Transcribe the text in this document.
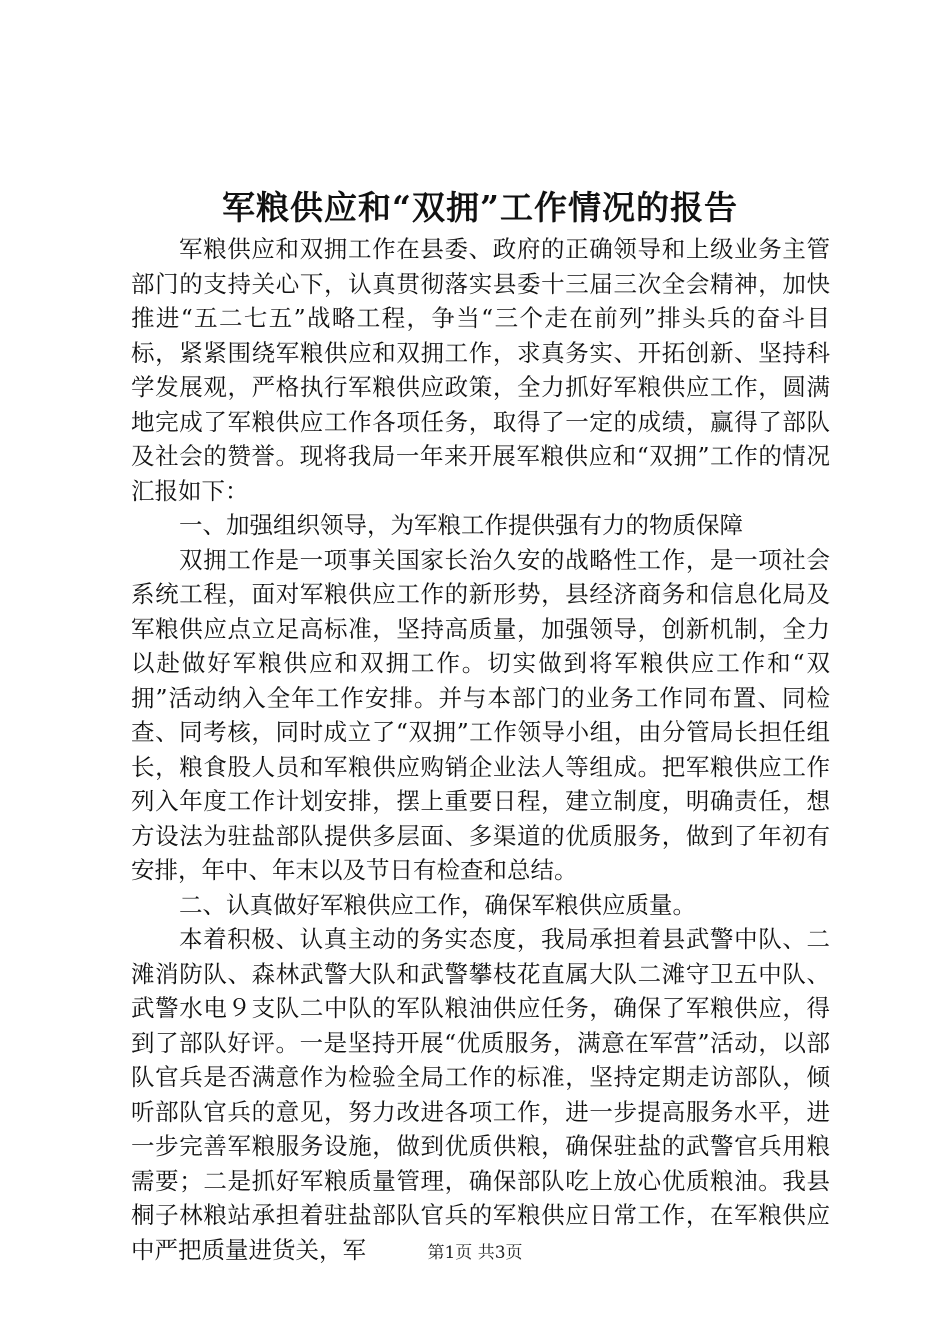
军粮供应和“双拥”工作情况的报告

军粮供应和双拥工作在县委、政府的正确领导和上级业务主管部门的支持关心下，认真贯彻落实县委十三届三次全会精神，加快推进“五二七五”战略工程，争当“三个走在前列”排头兵的奋斗目标，紧紧围绕军粮供应和双拥工作，求真务实、开拓创新、坚持科学发展观，严格执行军粮供应政策，全力抓好军粮供应工作，圆满地完成了军粮供应工作各项任务，取得了一定的成绩，赢得了部队及社会的赞誉。现将我局一年来开展军粮供应和“双拥”工作的情况汇报如下：

一、加强组织领导，为军粮工作提供强有力的物质保障

双拥工作是一项事关国家长治久安的战略性工作，是一项社会系统工程，面对军粮供应工作的新形势，县经济商务和信息化局及军粮供应点立足高标准，坚持高质量，加强领导，创新机制，全力以赴做好军粮供应和双拥工作。切实做到将军粮供应工作和“双拥”活动纳入全年工作安排。并与本部门的业务工作同布置、同检查、同考核，同时成立了“双拥”工作领导小组，由分管局长担任组长，粮食股人员和军粮供应购销企业法人等组成。把军粮供应工作列入年度工作计划安排，摆上重要日程，建立制度，明确责任，想方设法为驻盐部队提供多层面、多渠道的优质服务，做到了年初有安排，年中、年末以及节日有检查和总结。

二、认真做好军粮供应工作，确保军粮供应质量。

本着积极、认真主动的务实态度，我局承担着县武警中队、二滩消防队、森林武警大队和武警攀枝花直属大队二滩守卫五中队、武警水电９支队二中队的军队粮油供应任务，确保了军粮供应，得到了部队好评。一是坚持开展“优质服务，满意在军营”活动，以部队官兵是否满意作为检验全局工作的标准，坚持定期走访部队，倾听部队官兵的意见，努力改进各项工作，进一步提高服务水平，进一步完善军粮服务设施，做到优质供粮，确保驻盐的武警官兵用粮需要；二是抓好军粮质量管理，确保部队吃上放心优质粮油。我县桐子林粮站承担着驻盐部队官兵的军粮供应日常工作，在军粮供应中严把质量进货关，军	第1页 共3页
